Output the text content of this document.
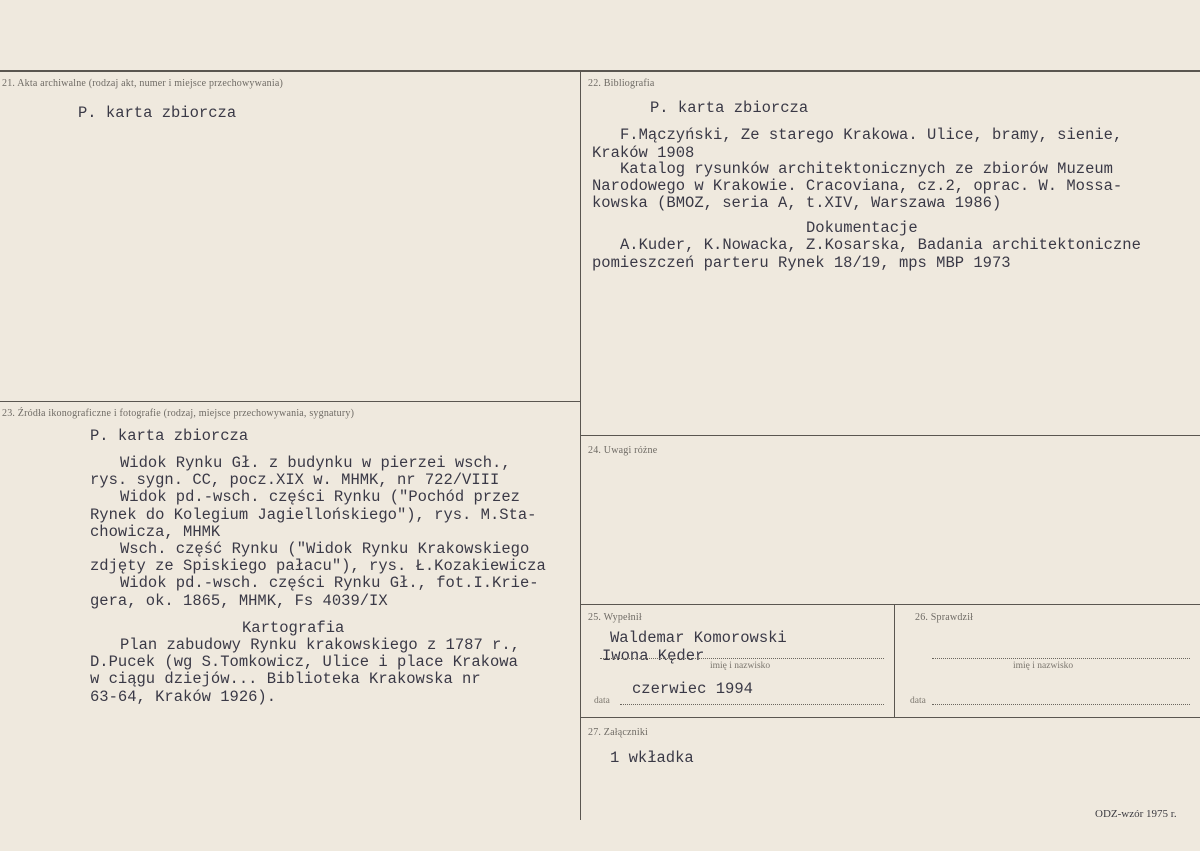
21. Akta archiwalne (rodzaj akt, numer i miejsce przechowywania)
P. karta zbiorcza
22. Bibliografia
P. karta zbiorcza
F.Mączyński, Ze starego Krakowa. Ulice, bramy, sienie,
Kraków 1908
Katalog rysunków architektonicznych ze zbiorów Muzeum
Narodowego w Krakowie. Cracoviana, cz.2, oprac. W. Mossa-
kowska (BMOZ, seria A, t.XIV, Warszawa 1986)
Dokumentacje
A.Kuder, K.Nowacka, Z.Kosarska, Badania architektoniczne
pomieszczeń parteru Rynek 18/19, mps MBP 1973
23. Źródła ikonograficzne i fotografie (rodzaj, miejsce przechowywania, sygnatury)
P. karta zbiorcza
Widok Rynku Gł. z budynku w pierzei wsch.,
rys. sygn. CC, pocz.XIX w. MHMK, nr 722/VIII
Widok pd.-wsch. części Rynku ("Pochód przez
Rynek do Kolegium Jagiellońskiego"), rys. M.Sta-
chowicza, MHMK
Wsch. część Rynku ("Widok Rynku Krakowskiego
zdjęty ze Spiskiego pałacu"), rys. Ł.Kozakiewicza
Widok pd.-wsch. części Rynku Gł., fot.I.Krie-
gera, ok. 1865, MHMK, Fs 4039/IX
Kartografia
Plan zabudowy Rynku krakowskiego z 1787 r.,
D.Pucek (wg S.Tomkowicz, Ulice i place Krakowa
w ciągu dziejów... Biblioteka Krakowska nr
63-64, Kraków 1926).
24. Uwagi różne
25. Wypełnił
Waldemar Komorowski
Iwona Kęder
imię i nazwisko
data
czerwiec 1994
26. Sprawdził
imię i nazwisko
data
27. Załączniki
1 wkładka
ODZ-wzór 1975 r.
